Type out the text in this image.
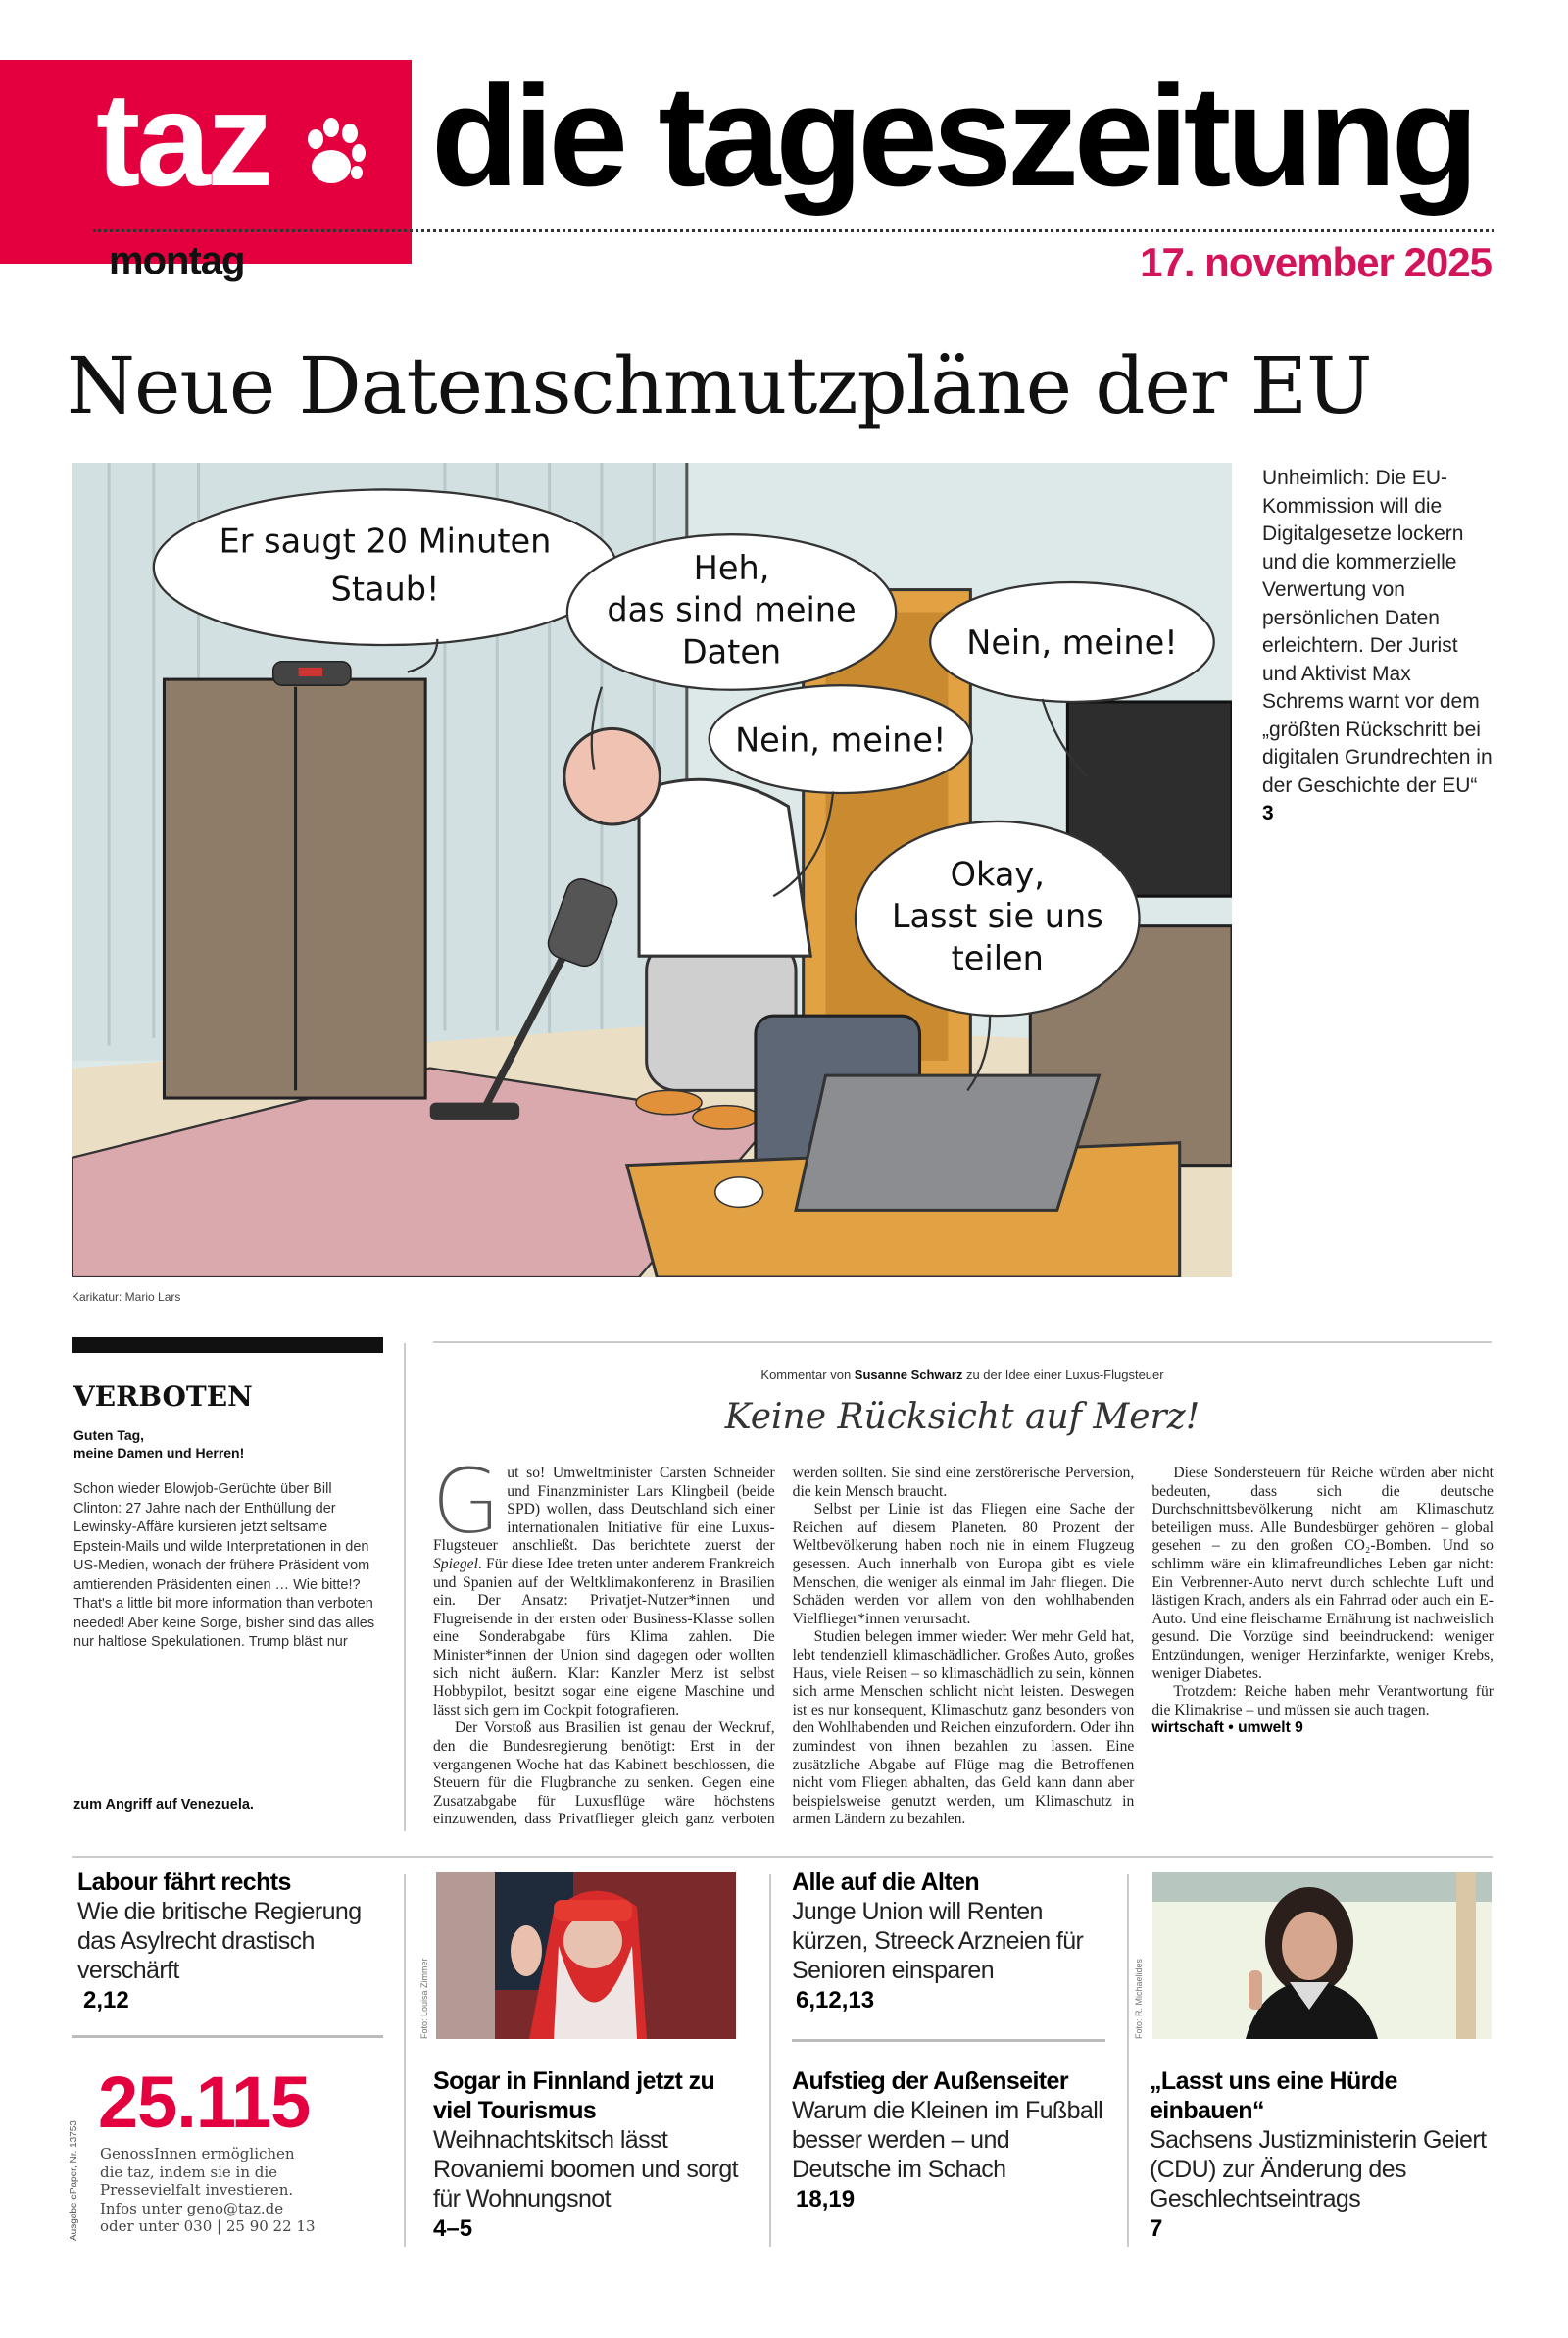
taz die tageszeitung
montag	17. november 2025
Neue Datenschmutzpläne der EU
Er saugt 20 Minuten
Staub!
Heh,
das sind meine
Daten	Nein, meine!
Nein, meine!
Okay,
Lasst sie uns
teilen
Karikatur: Mario Lars
Unheimlich: Die EU-Kommission will die Digitalgesetze lockern und die kommerzielle Verwertung von persönlichen Daten erleichtern. Der Jurist und Aktivist Max Schrems warnt vor dem „größten Rückschritt bei digitalen Grundrechten in der Geschichte der EU“
3
VERBOTEN
Guten Tag,
meine Damen und Herren!
Schon wieder Blowjob-Gerüchte über Bill Clinton: 27 Jahre nach der Enthüllung der Lewinsky-Affäre kursieren jetzt seltsame Epstein-Mails und wilde Interpretationen in den US-Medien, wonach der frühere Präsident vom amtierenden Präsidenten einen … Wie bitte!? That's a little bit more information than verboten needed! Aber keine Sorge, bisher sind das alles nur haltlose Spekulationen. Trump bläst nur
zum Angriff auf Venezuela.
Kommentar von Susanne Schwarz zu der Idee einer Luxus-Flugsteuer
Keine Rücksicht auf Merz!

Gut so! Umweltminister Carsten Schneider und Finanzminister Lars Klingbeil (beide SPD) wollen, dass Deutschland sich einer internationalen Initiative für eine Luxus-Flugsteuer anschließt. Das berichtete zuerst der Spiegel. Für diese Idee treten unter anderem Frankreich und Spanien auf der Weltklimakonferenz in Brasilien ein. Der Ansatz: Privatjet-Nutzer*innen und Flugreisende in der ersten oder Business-Klasse sollen eine Sonderabgabe fürs Klima zahlen. Die Minister*innen der Union sind dagegen oder wollten sich nicht äußern. Klar: Kanzler Merz ist selbst Hobbypilot, besitzt sogar eine eigene Maschine und lässt sich gern im Cockpit fotografieren.

Der Vorstoß aus Brasilien ist genau der Weckruf, den die Bundesregierung benötigt: Erst in der vergangenen Woche hat das Kabinett beschlossen, die Steuern für die Flugbranche zu senken. Gegen eine Zusatzabgabe für Luxusflüge wäre höchstens einzuwenden, dass Privatflieger gleich ganz verboten werden sollten. Sie sind eine zerstörerische Perversion, die kein Mensch braucht.

Selbst per Linie ist das Fliegen eine Sache der Reichen auf diesem Planeten. 80 Prozent der Weltbevölkerung haben noch nie in einem Flugzeug gesessen. Auch innerhalb von Europa gibt es viele Menschen, die weniger als einmal im Jahr fliegen. Die Schäden werden vor allem von den wohlhabenden Vielflieger*innen verursacht.

Studien belegen immer wieder: Wer mehr Geld hat, lebt tendenziell klimaschädlicher. Großes Auto, großes Haus, viele Reisen – so klimaschädlich zu sein, können sich arme Menschen schlicht nicht leisten. Deswegen ist es nur konsequent, Klimaschutz ganz besonders von den Wohlhabenden und Reichen einzufordern. Oder ihn zumindest von ihnen bezahlen zu lassen. Eine zusätzliche Abgabe auf Flüge mag die Betroffenen nicht vom Fliegen abhalten, das Geld kann dann aber beispielsweise genutzt werden, um Klimaschutz in armen Ländern zu bezahlen.

Diese Sondersteuern für Reiche würden aber nicht bedeuten, dass sich die deutsche Durchschnittsbevölkerung nicht am Klimaschutz beteiligen muss. Alle Bundesbürger gehören – global gesehen – zu den großen CO₂-Bomben. Und so schlimm wäre ein klimafreundliches Leben gar nicht: Ein Verbrenner-Auto nervt durch schlechte Luft und lästigen Krach, anders als ein Fahrrad oder auch ein E-Auto. Und eine fleischarme Ernährung ist nachweislich gesund. Die Vorzüge sind beeindruckend: weniger Entzündungen, weniger Herzinfarkte, weniger Krebs, weniger Diabetes.

Trotzdem: Reiche haben mehr Verantwortung für die Klimakrise – und müssen sie auch tragen.

wirtschaft • umwelt 9

Labour fährt rechts
Wie die britische Regierung das Asylrecht drastisch verschärft
2,12	Foto: Louisa Zimmer
Alle auf die Alten
Junge Union will Renten kürzen, Streeck Arzneien für Senioren einsparen
6,12,13	Foto: R. Michaelides
Sogar in Finnland jetzt zu viel Tourismus
Weihnachtskitsch lässt Rovaniemi boomen und sorgt für Wohnungsnot
4–5
Aufstieg der Außenseiter
Warum die Kleinen im Fußball besser werden – und Deutsche im Schach
18,19
„Lasst uns eine Hürde einbauen“
Sachsens Justizministerin Geiert (CDU) zur Änderung des Geschlechtseintrags
7
25.115
GenossInnen ermöglichen
die taz, indem sie in die
Pressevielfalt investieren.
Infos unter geno@taz.de
oder unter 030 | 25 90 22 13
Ausgabe ePaper, Nr. 13753
